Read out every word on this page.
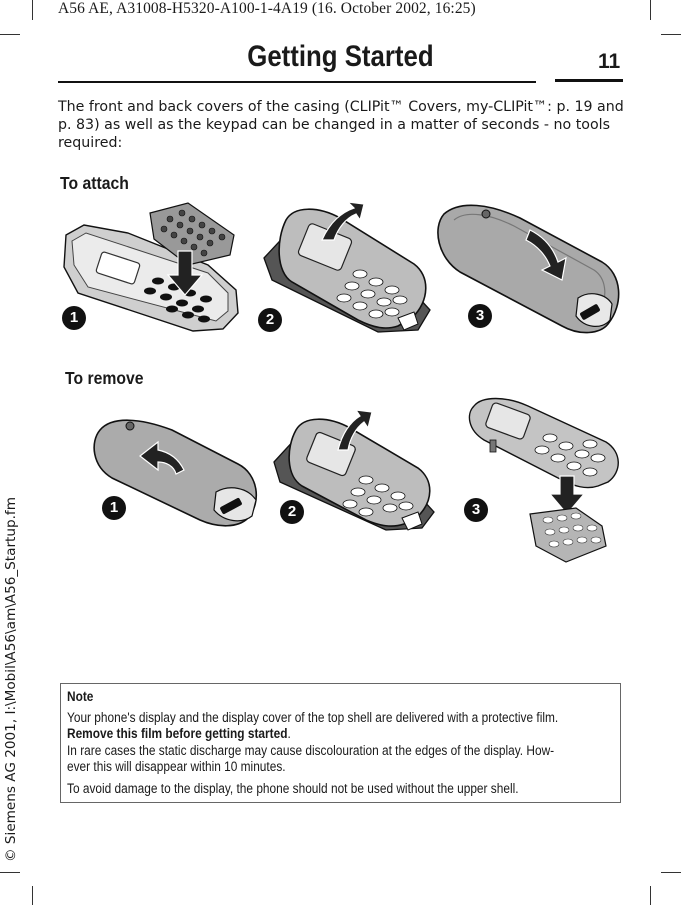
A56 AE, A31008-H5320-A100-1-4A19 (16. October 2002, 16:25)
Getting Started	11
The front and back covers of the casing (CLIPit™ Covers, my-CLIPit™: p. 19 and p. 83) as well as the keypad can be changed in a matter of seconds - no tools required:
To attach
1	2	3
To remove
1	2	3

Note

Your phone's display and the display cover of the top shell are delivered with a protective film.

Remove this film before getting started.

In rare cases the static discharge may cause discolouration at the edges of the display. How-

ever this will disappear within 10 minutes.

To avoid damage to the display, the phone should not be used without the upper shell.

© Siemens AG 2001, I:\Mobil\A56\am\A56_Startup.fm
